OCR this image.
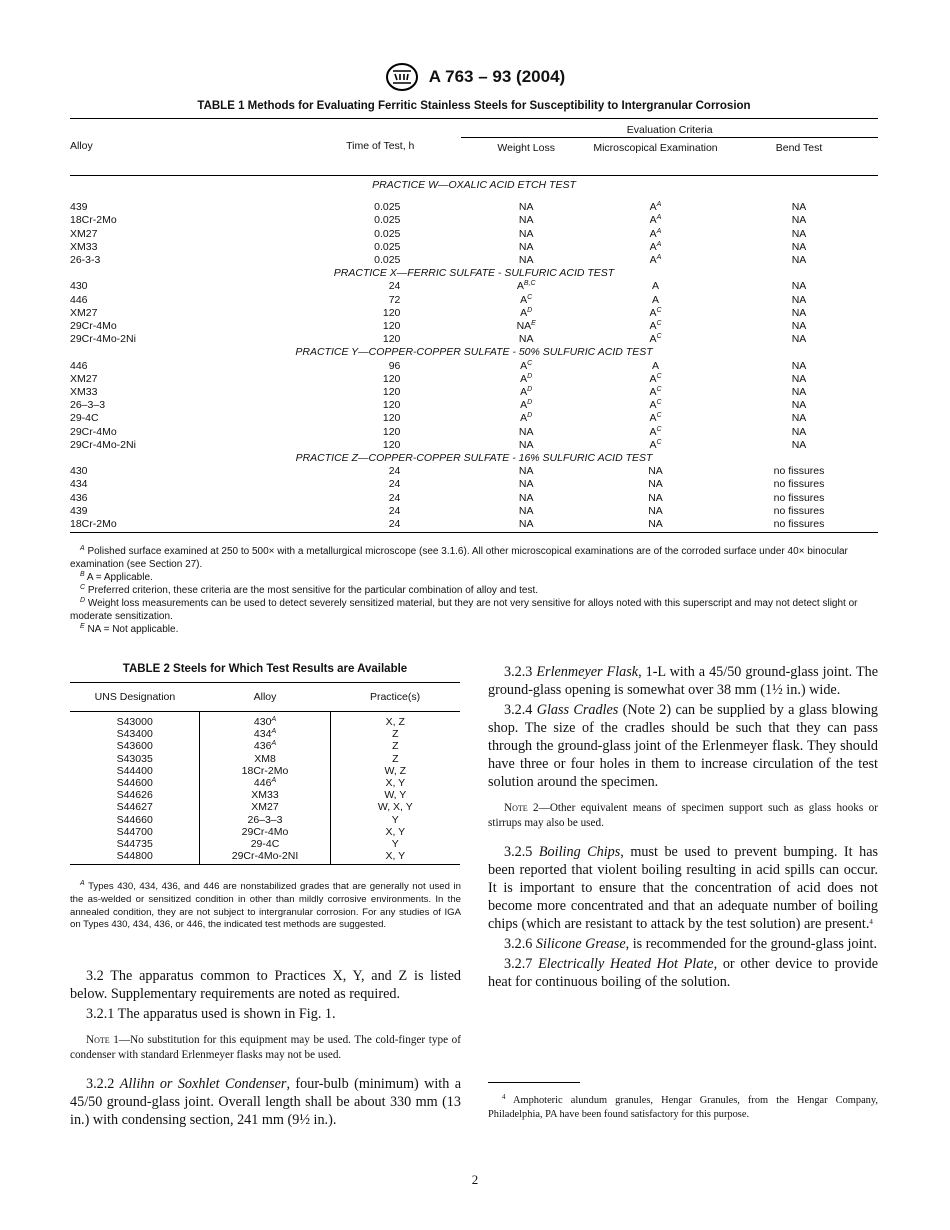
A 763 – 93 (2004)
TABLE 1 Methods for Evaluating Ferritic Stainless Steels for Susceptibility to Intergranular Corrosion
Alloy	Time of Test, h	Evaluation Criteria		
		Weight Loss	Microscopical Examination	Bend Test
PRACTICE W—OXALIC ACID ETCH TEST				
439	0.025	NA	$A^A$	NA
18Cr-2Mo	0.025	NA	$A^A$	NA
XM27	0.025	NA	$A^A$	NA
XM33	0.025	NA	$A^A$	NA
26-3-3	0.025	NA	$A^A$	NA
PRACTICE X—FERRIC SULFATE - SULFURIC ACID TEST				
430	24	$A^{B,C}$	A	NA
446	72	$A^C$	A	NA
XM27	120	$A^D$	$A^C$	NA
29Cr-4Mo	120	$NA^E$	$A^C$	NA
29Cr-4Mo-2Ni	120	NA	$A^C$	NA
PRACTICE Y—COPPER-COPPER SULFATE - 50% SULFURIC ACID TEST				
446	96	$A^C$	A	NA
XM27	120	$A^D$	$A^C$	NA
XM33	120	$A^D$	$A^C$	NA
26–3–3	120	$A^D$	$A^C$	NA
29-4C	120	$A^D$	$A^C$	NA
29Cr-4Mo	120	NA	$A^C$	NA
29Cr-4Mo-2Ni	120	NA	$A^C$	NA
PRACTICE Z—COPPER-COPPER SULFATE - 16% SULFURIC ACID TEST				
430	24	NA	NA	no fissures
434	24	NA	NA	no fissures
436	24	NA	NA	no fissures
439	24	NA	NA	no fissures
18Cr-2Mo	24	NA	NA	no fissures

$^A$ Polished surface examined at 250 to 500× with a metallurgical microscope (see 3.1.6). All other microscopical examinations are of the corroded surface under 40× binocular examination (see Section 27).

$^B$ A = Applicable.

$^C$ Preferred criterion, these criteria are the most sensitive for the particular combination of alloy and test.

$^D$ Weight loss measurements can be used to detect severely sensitized material, but they are not very sensitive for alloys noted with this superscript and may not detect slight or moderate sensitization.

$^E$ NA = Not applicable.

TABLE 2 Steels for Which Test Results are Available
UNS Designation	Alloy	Practice(s)
S43000	$430^A$	X, Z
S43400	$434^A$	Z
S43600	$436^A$	Z
S43035	XM8	Z
S44400	18Cr-2Mo	W, Z
S44600	$446^A$	X, Y
S44626	XM33	W, Y
S44627	XM27	W, X, Y
S44660	26–3–3	Y
S44700	29Cr-4Mo	X, Y
S44735	29-4C	Y
S44800	29Cr-4Mo-2NI	X, Y

$^A$ Types 430, 434, 436, and 446 are nonstabilized grades that are generally not used in the as-welded or sensitized condition in other than mildly corrosive environments. In the annealed condition, they are not subject to intergranular corrosion. For any studies of IGA on Types 430, 434, 436, or 446, the indicated test methods are suggested.

3.2 The apparatus common to Practices X, Y, and Z is listed below. Supplementary requirements are noted as required.

3.2.1 The apparatus used is shown in Fig. 1.

Note 1—No substitution for this equipment may be used. The cold-finger type of condenser with standard Erlenmeyer flasks may not be used.

3.2.2 Allihn or Soxhlet Condenser, four-bulb (minimum) with a 45/50 ground-glass joint. Overall length shall be about 330 mm (13 in.) with condensing section, 241 mm (9½ in.).

3.2.3 Erlenmeyer Flask, 1-L with a 45/50 ground-glass joint. The ground-glass opening is somewhat over 38 mm (1½ in.) wide.

3.2.4 Glass Cradles (Note 2) can be supplied by a glass blowing shop. The size of the cradles should be such that they can pass through the ground-glass joint of the Erlenmeyer flask. They should have three or four holes in them to increase circulation of the test solution around the specimen.

Note 2—Other equivalent means of specimen support such as glass hooks or stirrups may also be used.

3.2.5 Boiling Chips, must be used to prevent bumping. It has been reported that violent boiling resulting in acid spills can occur. It is important to ensure that the concentration of acid does not become more concentrated and that an adequate number of boiling chips (which are resistant to attack by the test solution) are present.$^4$

3.2.6 Silicone Grease, is recommended for the ground-glass joint.

3.2.7 Electrically Heated Hot Plate, or other device to provide heat for continuous boiling of the solution.

$^4$ Amphoteric alundum granules, Hengar Granules, from the Hengar Company, Philadelphia, PA have been found satisfactory for this purpose.

2
